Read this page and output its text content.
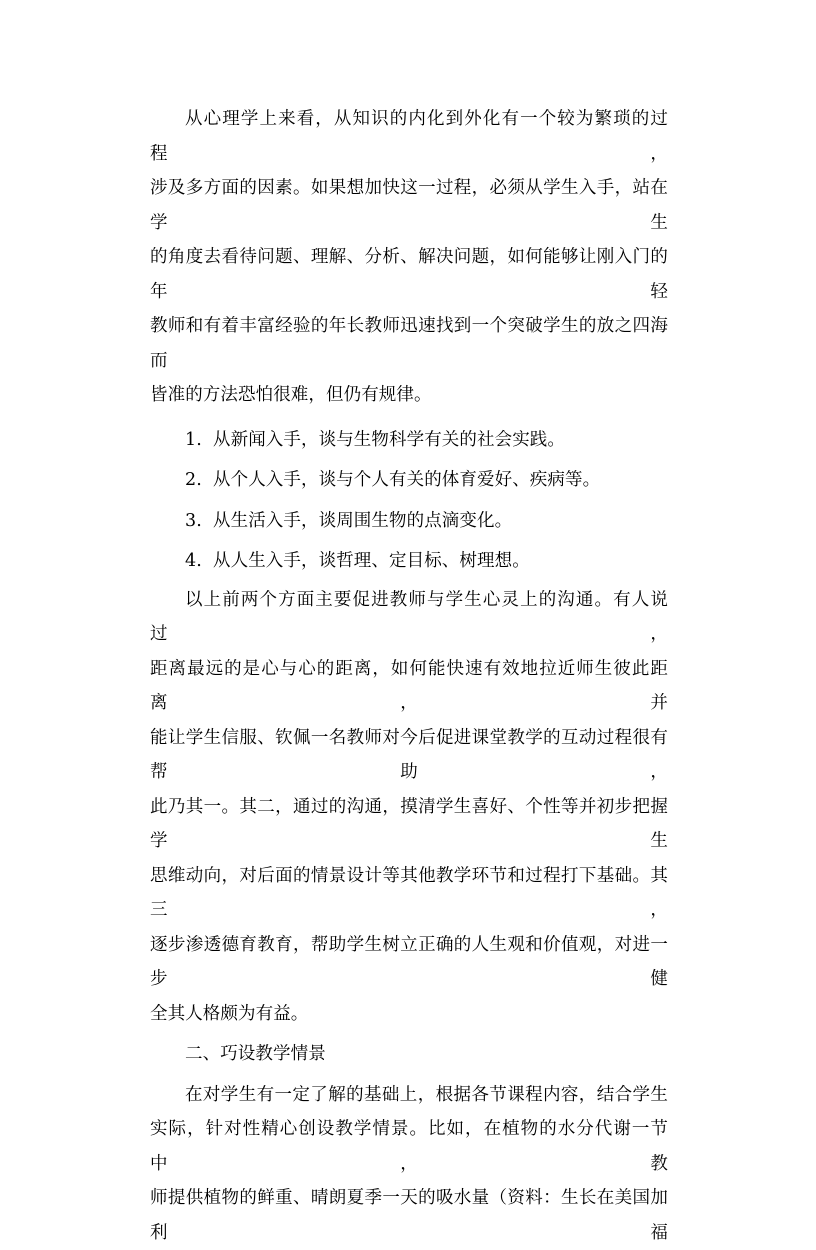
从心理学上来看，从知识的内化到外化有一个较为繁琐的过程，
涉及多方面的因素。如果想加快这一过程，必须从学生入手，站在学生
的角度去看待问题、理解、分析、解决问题，如何能够让刚入门的年轻
教师和有着丰富经验的年长教师迅速找到一个突破学生的放之四海而
皆准的方法恐怕很难，但仍有规律。
1. 从新闻入手，谈与生物科学有关的社会实践。
2. 从个人入手，谈与个人有关的体育爱好、疾病等。
3. 从生活入手，谈周围生物的点滴变化。
4. 从人生入手，谈哲理、定目标、树理想。
以上前两个方面主要促进教师与学生心灵上的沟通。有人说过，
距离最远的是心与心的距离，如何能快速有效地拉近师生彼此距离，并
能让学生信服、钦佩一名教师对今后促进课堂教学的互动过程很有帮助，
此乃其一。其二，通过的沟通，摸清学生喜好、个性等并初步把握学生
思维动向，对后面的情景设计等其他教学环节和过程打下基础。其三，
逐步渗透德育教育，帮助学生树立正确的人生观和价值观，对进一步健
全其人格颇为有益。
二、巧设教学情景
在对学生有一定了解的基础上，根据各节课程内容，结合学生
实际，针对性精心创设教学情景。比如，在植物的水分代谢一节中，教
师提供植物的鲜重、晴朗夏季一天的吸水量（资料：生长在美国加利福
